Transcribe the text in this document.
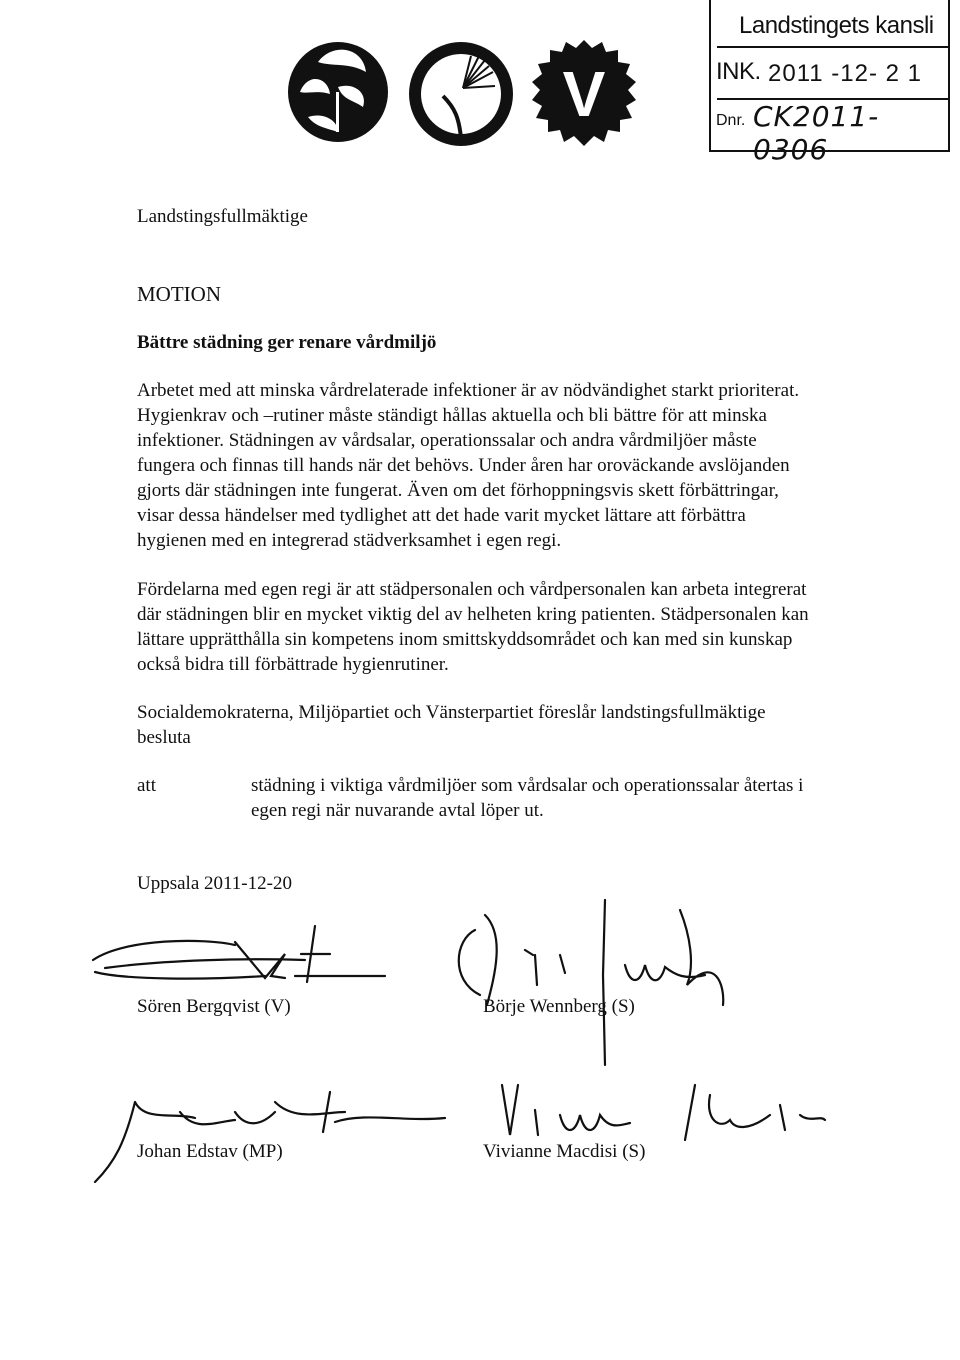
V
Landstingets kansli
INK. 2011 -12- 2 1
Dnr. CK2011- 0306
Landstingsfullmäktige
MOTION
Bättre städning ger renare vårdmiljö
Arbetet med att minska vårdrelaterade infektioner är av nödvändighet starkt prioriterat.
Hygienkrav och –rutiner måste ständigt hållas aktuella och bli bättre för att minska
infektioner. Städningen av vårdsalar, operationssalar och andra vårdmiljöer måste
fungera och finnas till hands när det behövs. Under åren har oroväckande avslöjanden
gjorts där städningen inte fungerat. Även om det förhoppningsvis skett förbättringar,
visar dessa händelser med tydlighet att det hade varit mycket lättare att förbättra
hygienen med en integrerad städverksamhet i egen regi.
Fördelarna med egen regi är att städpersonalen och vårdpersonalen kan arbeta integrerat
där städningen blir en mycket viktig del av helheten kring patienten. Städpersonalen kan
lättare upprätthålla sin kompetens inom smittskyddsområdet och kan med sin kunskap
också bidra till förbättrade hygienrutiner.
Socialdemokraterna, Miljöpartiet och Vänsterpartiet föreslår landstingsfullmäktige
besluta
att	städning i viktiga vårdmiljöer som vårdsalar och operationssalar återtas i
egen regi när nuvarande avtal löper ut.
Uppsala 2011-12-20
Sören Bergqvist (V)	Börje Wennberg (S)
Johan Edstav (MP)	Vivianne Macdisi (S)
